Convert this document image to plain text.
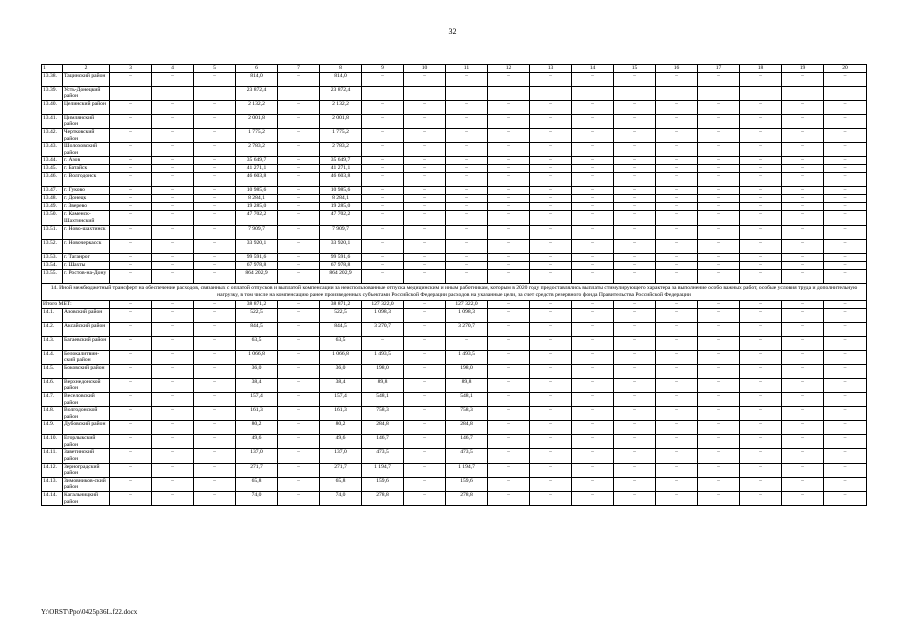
32
1	2	3	4	5	6	7	8	9	10	11	12	13	14	15	16	17	18	19	20
13.38.	Тацинский район	–	–	–	814,0	–	814,0	–	–	–	–	–	–	–	–	–	–	–	–
13.39.	Усть-Донецкий район				23 872,4		23 872,4												
13.40.	Целинский район	–	–	–	2 132,2	–	2 132,2	–	–	–	–	–	–	–	–	–	–	–	–
13.41.	Цимлянский район	–	–	–	2 001,8	–	2 001,8	–	–	–	–	–	–	–	–	–	–	–	–
13.42.	Чертковский район	–	–	–	1 775,2	–	1 775,2	–	–	–	–	–	–	–	–	–	–	–	–
13.43.	Шолоховский район	–	–	–	2 783,2	–	2 783,2	–	–	–	–	–	–	–	–	–	–	–	–
13.44.	г. Азов	–	–	–	35 649,7	–	35 649,7	–	–	–	–	–	–	–	–	–	–	–	–
13.45.	г. Батайск	–	–	–	41 271,1	–	41 271,1	–	–	–	–	–	–	–	–	–	–	–	–
13.46.	г. Волгодонск	–	–	–	46 603,8	–	46 603,8	–	–	–	–	–	–	–	–	–	–	–	–
13.47.	г. Гуково	–	–	–	10 985,6	–	10 985,6	–	–	–	–	–	–	–	–	–	–	–	–
13.48.	г. Донецк	–	–	–	8 284,1	–	8 284,1	–	–	–	–	–	–	–	–	–	–	–	–
13.49.	г. Зверево	–	–	–	19 285,0	–	19 285,0	–	–	–	–	–	–	–	–	–	–	–	–
13.50.	г. Каменск-Шахтинский	–	–	–	47 702,2	–	47 702,2	–	–	–	–	–	–	–	–	–	–	–	–
13.51.	г. Ново-шахтинск	–	–	–	7 909,7	–	7 909,7	–	–	–	–	–	–	–	–	–	–	–	–
13.52.	г. Новочеркасск	–	–	–	33 920,1	–	33 920,1	–	–	–	–	–	–	–	–	–	–	–	–
13.53.	г. Таганрог	–	–	–	99 591,6	–	99 591,6	–	–	–	–	–	–	–	–	–	–	–	–
13.54.	г. Шахты	–	–	–	67 978,8	–	67 978,8	–	–	–	–	–	–	–	–	–	–	–	–
13.55.	г. Ростов-на-Дону	–	–	–	864 202,9	–	864 202,9	–	–	–	–	–	–	–	–	–	–	–	–
14. Иной межбюджетный трансферт на обеспечение расходов, связанных с оплатой отпусков и выплатой компенсации за неиспользованные отпуска медицинским и иным работникам, которым в 2020 году предоставлялись выплаты стимулирующего характера за выполнение особо важных работ, особые условия труда и дополнительную нагрузку, в том числе на компенсацию ранее произведенных субъектами Российской Федерации расходов на указанные цели, за счет средств резервного фонда Правительства Российской Федерации																			
Итого МБТ:		–	–	–	38 871,2	–	38 871,2	127 322,0	–	127 322,0	–	–	–	–	–	–	–	–	–
14.1.	Азовский район	–	–	–	522,5	–	522,5	1 098,3	–	1 098,3	–	–	–	–	–	–	–	–	–
14.2.	Аксайский район	–	–	–	844,5	–	844,5	3 270,7	–	3 270,7	–	–	–	–	–	–	–	–	–
14.3.	Багаевский район	–	–	–	63,5	–	63,5	–	–	–	–	–	–	–	–	–	–	–	–
14.4.	Белокалитвин-ский район	–	–	–	1 066,8	–	1 066,8	1 493,5	–	1 493,5	–	–	–	–	–	–	–	–	–
14.5.	Боковский район	–	–	–	36,0	–	36,0	198,0	–	198,0	–	–	–	–	–	–	–	–	–
14.6.	Верхнедонской район	–	–	–	38,4	–	38,4	89,8	–	89,8	–	–	–	–	–	–	–	–	–
14.7.	Веселовский район	–	–	–	157,4	–	157,4	548,1	–	548,1	–	–	–	–	–	–	–	–	–
14.8.	Волгодонской район	–	–	–	161,3	–	161,3	758,3	–	758,3	–	–	–	–	–	–	–	–	–
14.9.	Дубовский район	–	–	–	80,2	–	80,2	284,8	–	284,8	–	–	–	–	–	–	–	–	–
14.10.	Егорлыкский район	–	–	–	49,6	–	49,6	146,7	–	146,7	–	–	–	–	–	–	–	–	–
14.11.	Заветинский район	–	–	–	137,0	–	137,0	473,5	–	473,5	–	–	–	–	–	–	–	–	–
14.12.	Зерноградский район	–	–	–	271,7	–	271,7	1 194,7	–	1 194,7	–	–	–	–	–	–	–	–	–
14.13.	Зимовников-ский район	–	–	–	65,8	–	65,8	159,6	–	159,6	–	–	–	–	–	–	–	–	–
14.14.	Кагальницкий район	–	–	–	74,0	–	74,0	278,8	–	278,8	–	–	–	–	–	–	–	–	–
Y:\ORST\Ppo\0425p36L.f22.docx
